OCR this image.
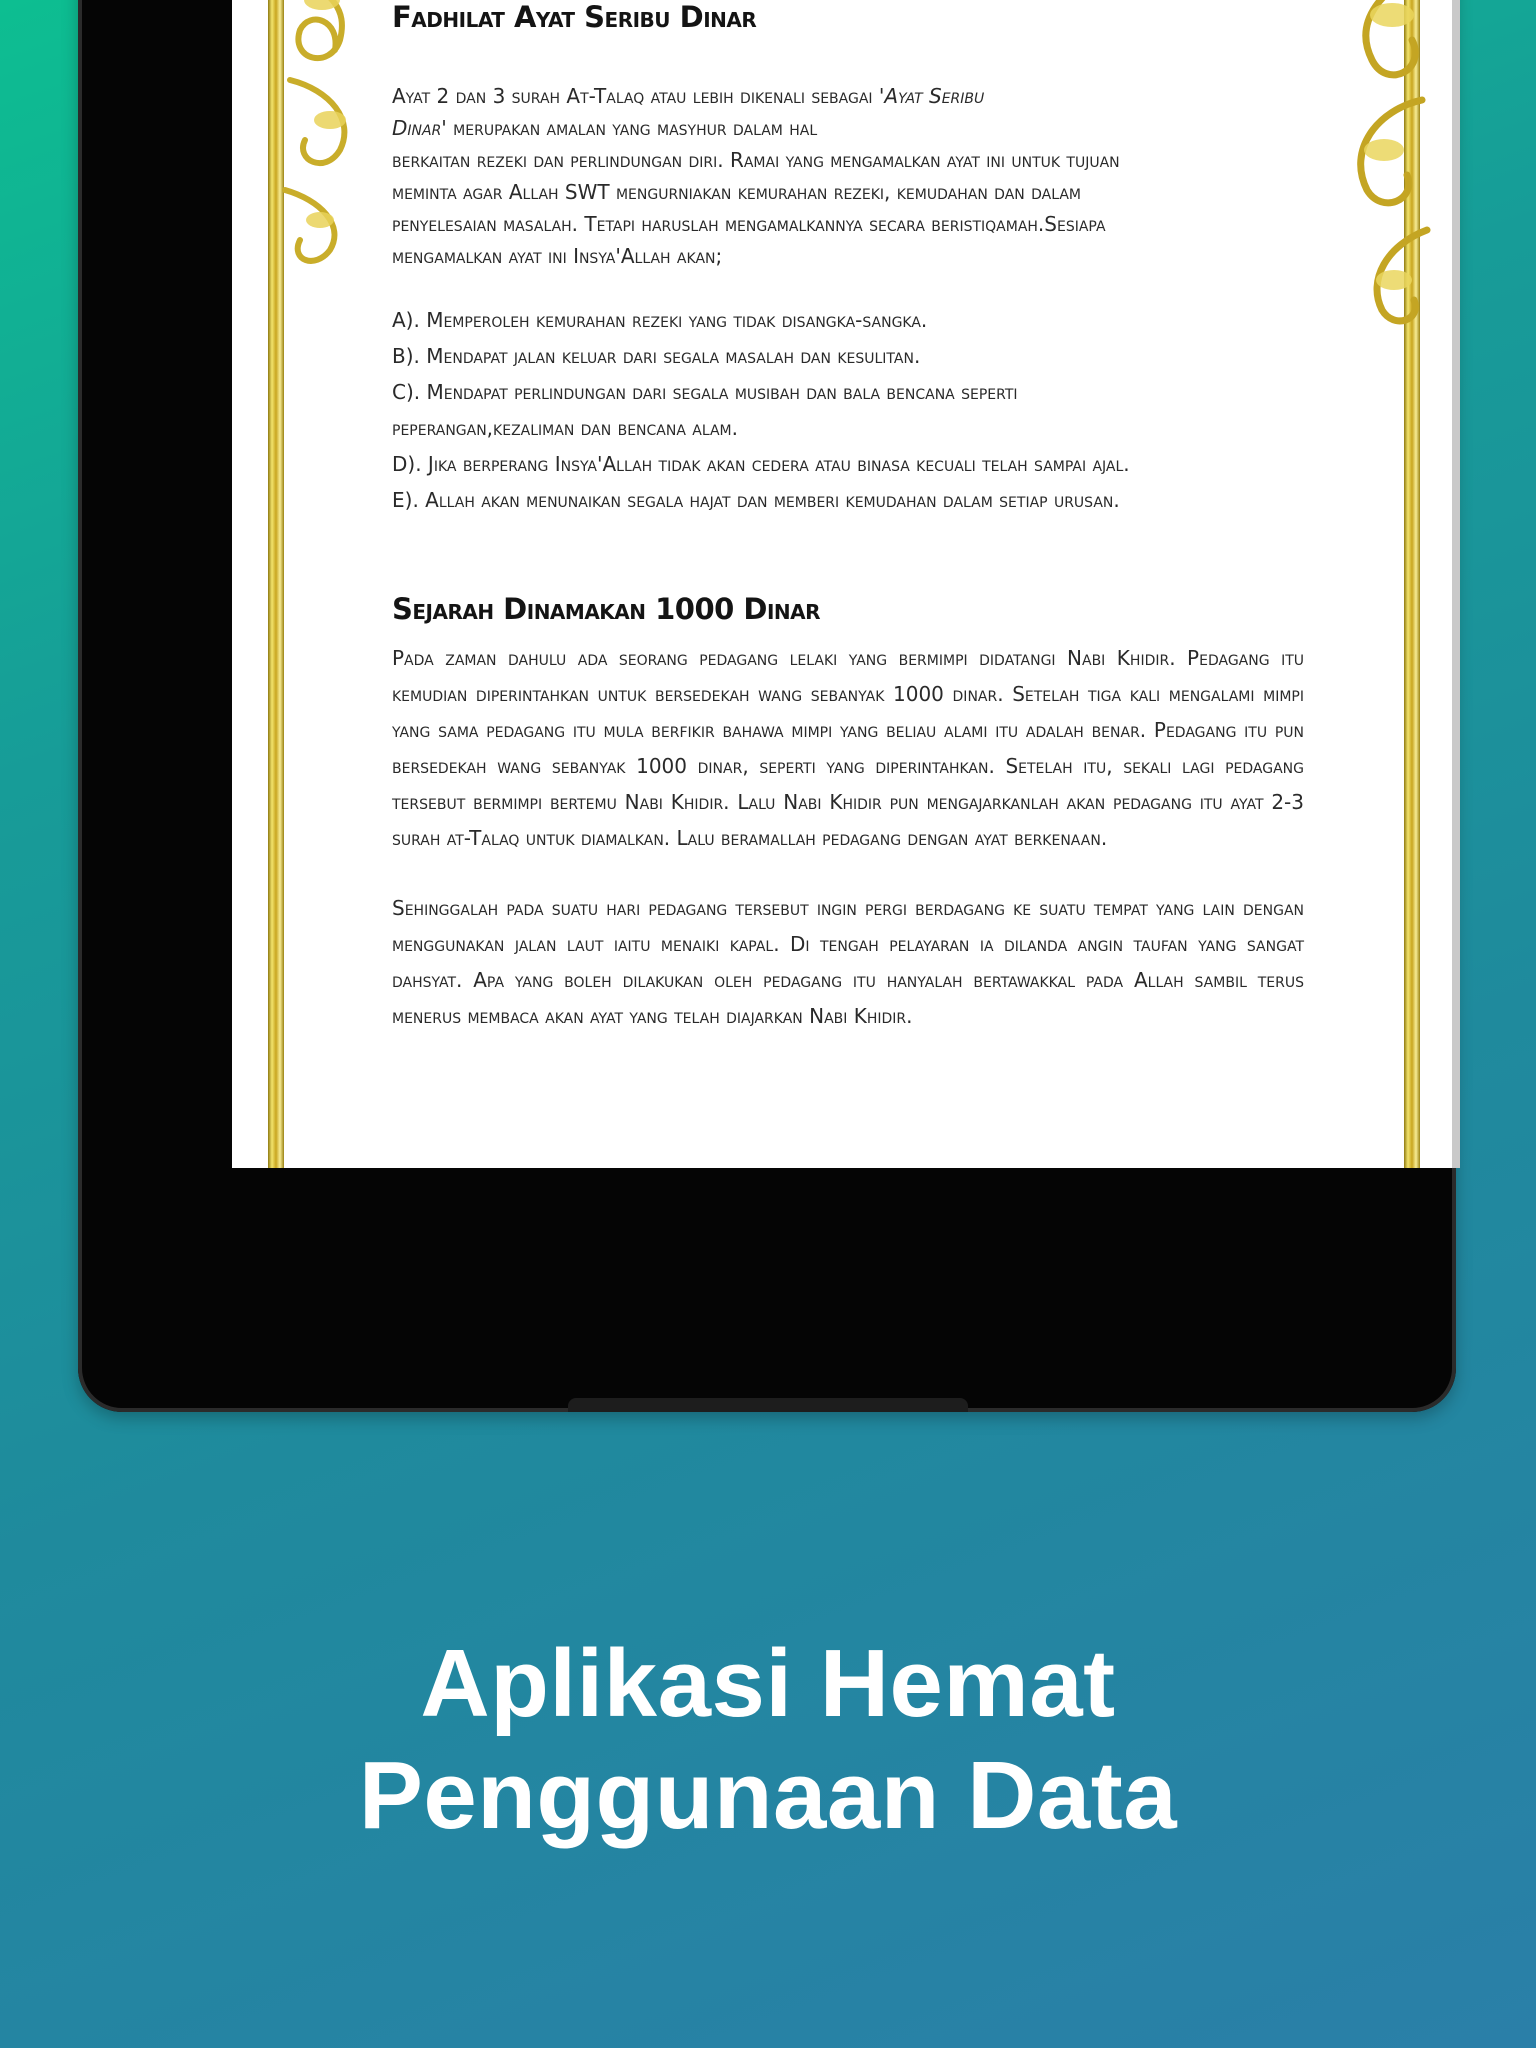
Fadhilat Ayat Seribu Dinar

Ayat 2 dan 3 surah At-Talaq atau lebih dikenali sebagai 'Ayat Seribu

Dinar' merupakan amalan yang masyhur dalam hal

berkaitan rezeki dan perlindungan diri. Ramai yang mengamalkan ayat ini untuk tujuan

meminta agar Allah SWT mengurniakan kemurahan rezeki, kemudahan dan dalam

penyelesaian masalah. Tetapi haruslah mengamalkannya secara beristiqamah.Sesiapa

mengamalkan ayat ini Insya'Allah akan;

A). Memperoleh kemurahan rezeki yang tidak disangka-sangka.

B). Mendapat jalan keluar dari segala masalah dan kesulitan.

C). Mendapat perlindungan dari segala musibah dan bala bencana seperti

peperangan,kezaliman dan bencana alam.

D). Jika berperang Insya'Allah tidak akan cedera atau binasa kecuali telah sampai ajal.

E). Allah akan menunaikan segala hajat dan memberi kemudahan dalam setiap urusan.

Sejarah Dinamakan 1000 Dinar

Pada zaman dahulu ada seorang pedagang lelaki yang bermimpi didatangi Nabi Khidir. Pedagang itu kemudian diperintahkan untuk bersedekah wang sebanyak 1000 dinar. Setelah tiga kali mengalami mimpi yang sama pedagang itu mula berfikir bahawa mimpi yang beliau alami itu adalah benar. Pedagang itu pun bersedekah wang sebanyak 1000 dinar, seperti yang diperintahkan. Setelah itu, sekali lagi pedagang tersebut bermimpi bertemu Nabi Khidir. Lalu Nabi Khidir pun mengajarkanlah akan pedagang itu ayat 2-3 surah at-Talaq untuk diamalkan. Lalu beramallah pedagang dengan ayat berkenaan.

Sehinggalah pada suatu hari pedagang tersebut ingin pergi berdagang ke suatu tempat yang lain dengan menggunakan jalan laut iaitu menaiki kapal. Di tengah pelayaran ia dilanda angin taufan yang sangat dahsyat. Apa yang boleh dilakukan oleh pedagang itu hanyalah bertawakkal pada Allah sambil terus menerus membaca akan ayat yang telah diajarkan Nabi Khidir.

Aplikasi Hemat
Penggunaan Data
